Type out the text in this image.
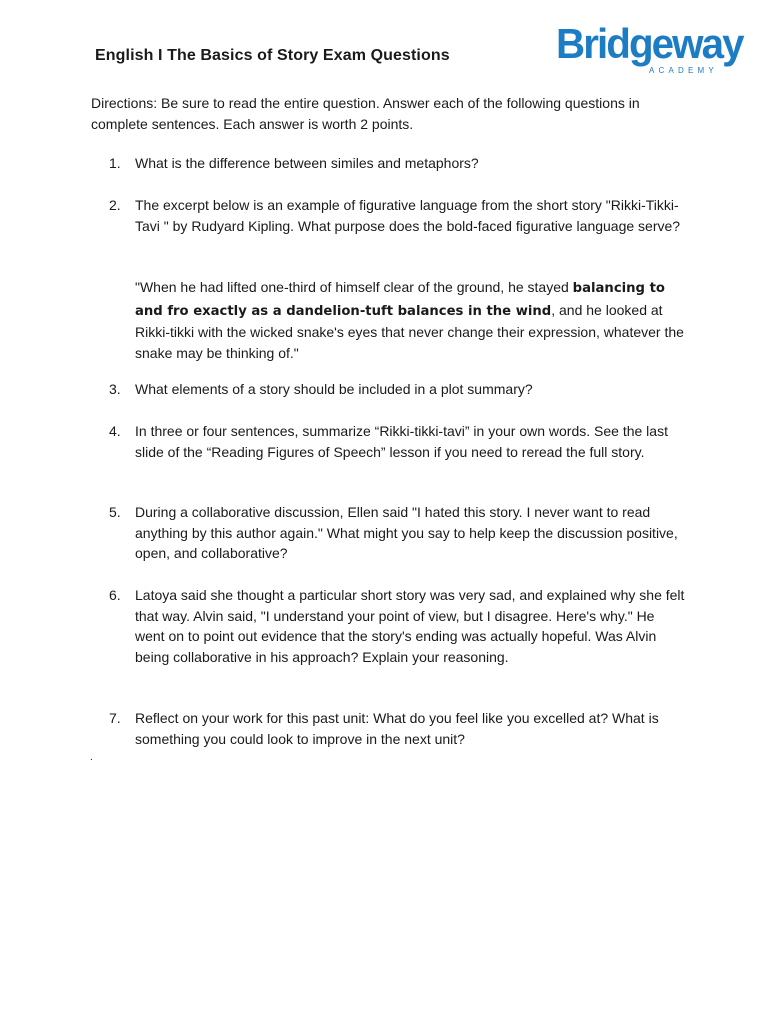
English I The Basics of Story Exam Questions	Bridgeway
ACADEMY
Directions: Be sure to read the entire question. Answer each of the following questions in complete sentences. Each answer is worth 2 points.
1.	What is the difference between similes and metaphors?
2.	The excerpt below is an example of figurative language from the short story "Rikki-Tikki-Tavi " by Rudyard Kipling. What purpose does the bold-faced figurative language serve?
"When he had lifted one-third of himself clear of the ground, he stayed balancing to and fro exactly as a dandelion-tuft balances in the wind, and he looked at Rikki-tikki with the wicked snake's eyes that never change their expression, whatever the snake may be thinking of."
3.	What elements of a story should be included in a plot summary?
4.	In three or four sentences, summarize “Rikki-tikki-tavi” in your own words. See the last slide of the “Reading Figures of Speech” lesson if you need to reread the full story.
5.	During a collaborative discussion, Ellen said "I hated this story. I never want to read anything by this author again." What might you say to help keep the discussion positive, open, and collaborative?
6.	Latoya said she thought a particular short story was very sad, and explained why she felt that way. Alvin said, "I understand your point of view, but I disagree. Here's why." He went on to point out evidence that the story's ending was actually hopeful. Was Alvin being collaborative in his approach? Explain your reasoning.
7.	Reflect on your work for this past unit: What do you feel like you excelled at? What is something you could look to improve in the next unit?
.
